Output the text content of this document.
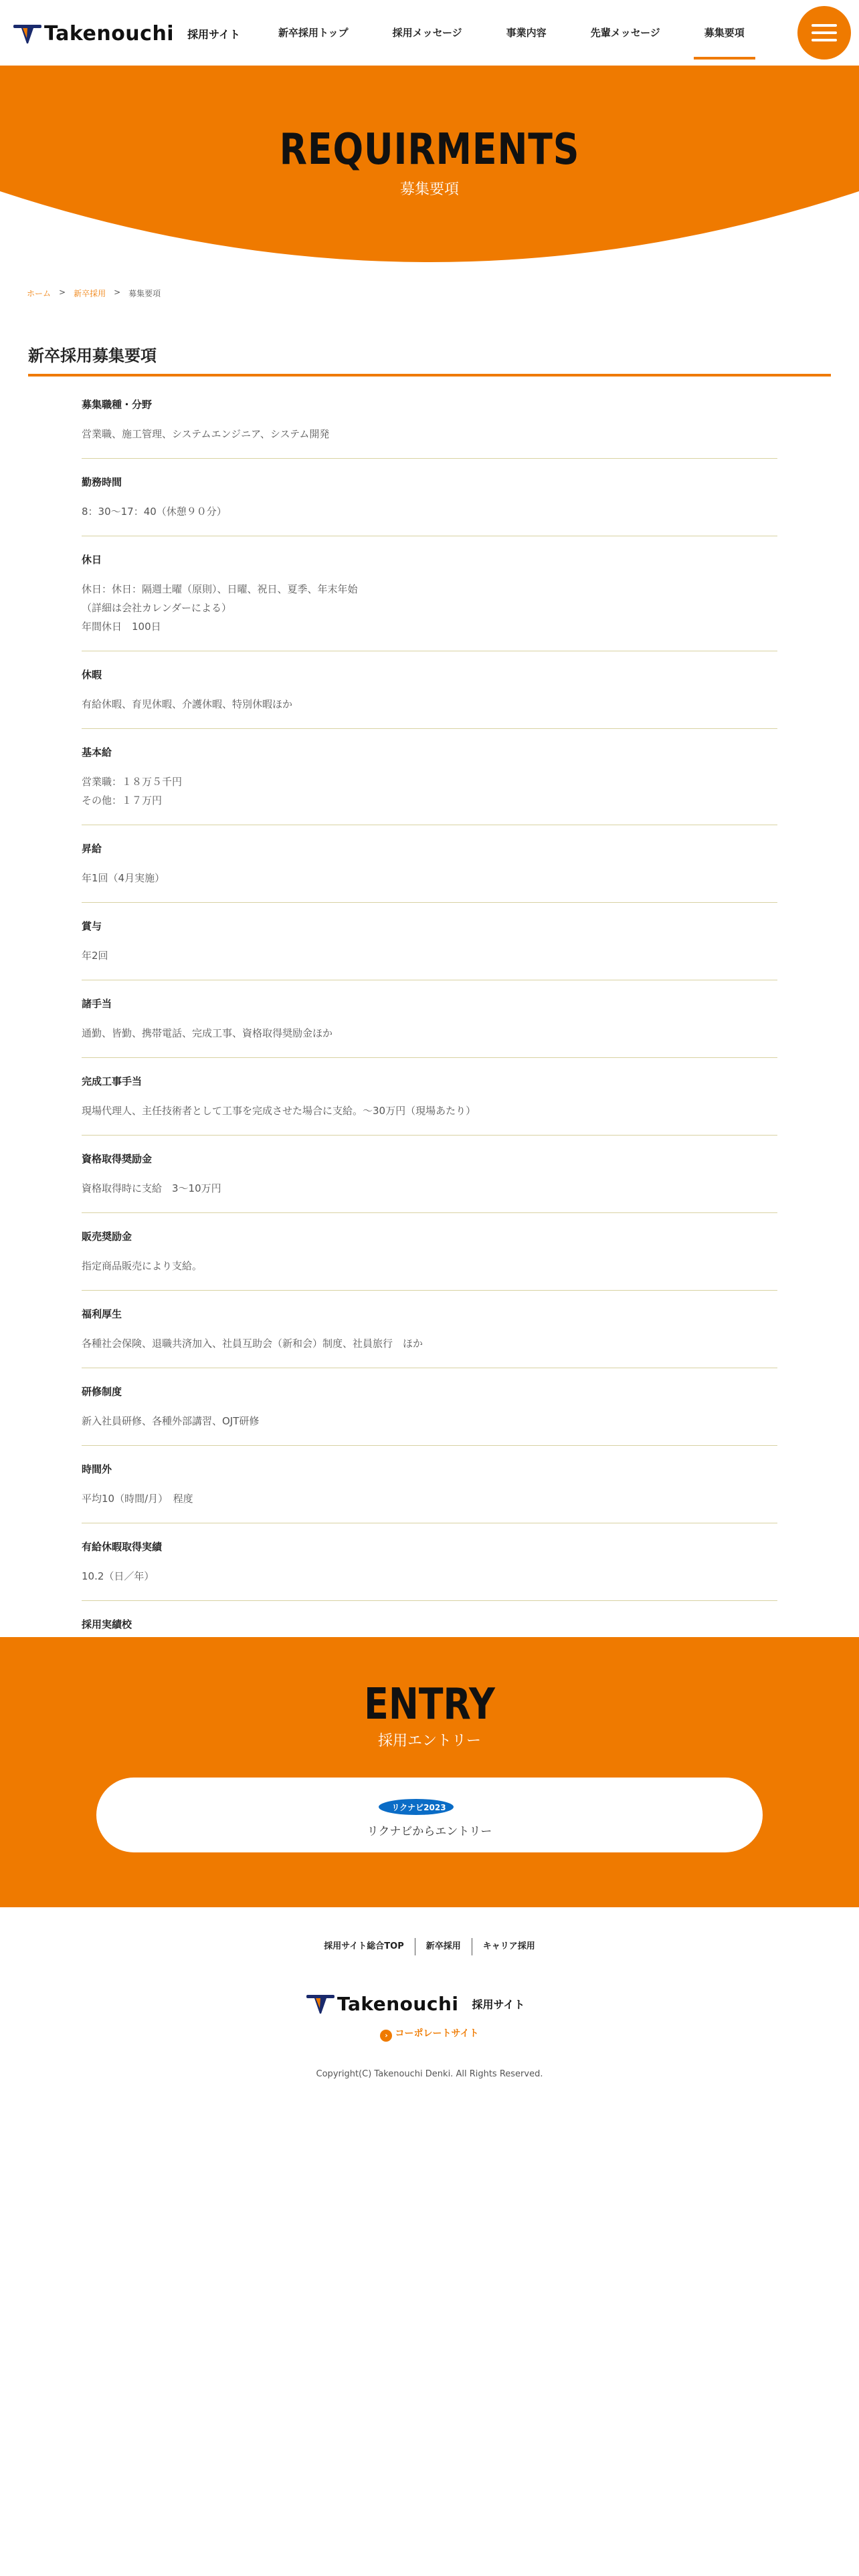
Takenouchi 採用サイト	新卒採用トップ	採用メッセージ	事業内容	先輩メッセージ	募集要項
REQUIRMENTS
募集要項
ホーム > 新卒採用 > 募集要項
新卒採用募集要項
募集職種・分野
営業職、施工管理、システムエンジニア、システム開発
勤務時間
8：30〜17：40（休憩９０分）
休日
休日：休日：隔週土曜（原則）、日曜、祝日、夏季、年末年始
（詳細は会社カレンダーによる）
年間休日　100日
休暇
有給休暇、育児休暇、介護休暇、特別休暇ほか
基本給
営業職：１８万５千円
その他：１７万円
昇給
年1回（4月実施）
賞与
年2回
諸手当
通勤、皆勤、携帯電話、完成工事、資格取得奨励金ほか
完成工事手当
現場代理人、主任技術者として工事を完成させた場合に支給。〜30万円（現場あたり）
資格取得奨励金
資格取得時に支給　3〜10万円
販売奨励金
指定商品販売により支給。
福利厚生
各種社会保険、退職共済加入、社員互助会（新和会）制度、社員旅行　ほか
研修制度
新入社員研修、各種外部講習、OJT研修
時間外
平均10（時間/月）　程度
有給休暇取得実績
10.2（日／年）
採用実績校
ENTRY
採用エントリー
リクナビ2023
リクナビからエントリー
採用サイト総合TOP	新卒採用	キャリア採用
Takenouchi 採用サイト
› コーポレートサイト
Copyright(C) Takenouchi Denki. All Rights Reserved.
